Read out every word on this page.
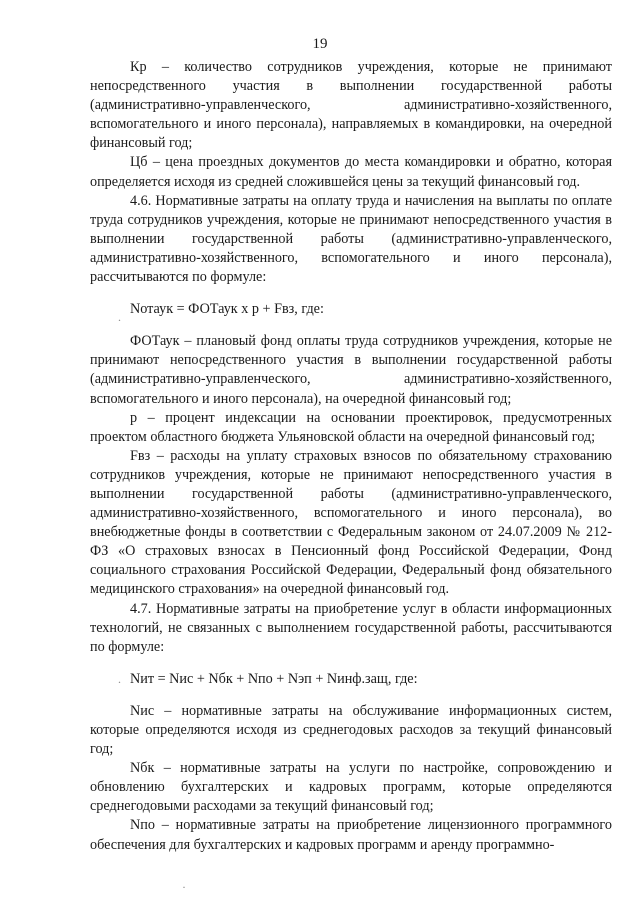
19

Кр – количество сотрудников учреждения, которые не принимают непосредственного участия в выполнении государственной работы (административно-управленческого, административно-хозяйственного, вспомогательного и иного персонала), направляемых в командировки, на очередной финансовый год;

Цб – цена проездных документов до места командировки и обратно, которая определяется исходя из средней сложившейся цены за текущий финансовый год.

4.6. Нормативные затраты на оплату труда и начисления на выплаты по оплате труда сотрудников учреждения, которые не принимают непосредственного участия в выполнении государственной работы (административно-управленческого, административно-хозяйственного, вспомогательного и иного персонала), рассчитываются по формуле:

Nотаук = ФОТаук х р + Fвз, где:

ФОТаук – плановый фонд оплаты труда сотрудников учреждения, которые не принимают непосредственного участия в выполнении государственной работы (административно-управленческого, административно-хозяйственного, вспомогательного и иного персонала), на очередной финансовый год;

р – процент индексации на основании проектировок, предусмотренных проектом областного бюджета Ульяновской области на очередной финансовый год;

Fвз – расходы на уплату страховых взносов по обязательному страхованию сотрудников учреждения, которые не принимают непосредственного участия в выполнении государственной работы (административно-управленческого, административно-хозяйственного, вспомогательного и иного персонала), во внебюджетные фонды в соответствии с Федеральным законом от 24.07.2009 № 212-ФЗ «О страховых взносах в Пенсионный фонд Российской Федерации, Фонд социального страхования Российской Федерации, Федеральный фонд обязательного медицинского страхования» на очередной финансовый год.

4.7. Нормативные затраты на приобретение услуг в области информационных технологий, не связанных с выполнением государственной работы, рассчитываются по формуле:

Nит = Nис + Nбк + Nпо + Nэп + Nинф.защ, где:

Nис – нормативные затраты на обслуживание информационных систем, которые определяются исходя из среднегодовых расходов за текущий финансовый год;

Nбк – нормативные затраты на услуги по настройке, сопровождению и обновлению бухгалтерских и кадровых программ, которые определяются среднегодовыми расходами за текущий финансовый год;

Nпо – нормативные затраты на приобретение лицензионного программного обеспечения для бухгалтерских и кадровых программ и аренду программно-

.
.
·
